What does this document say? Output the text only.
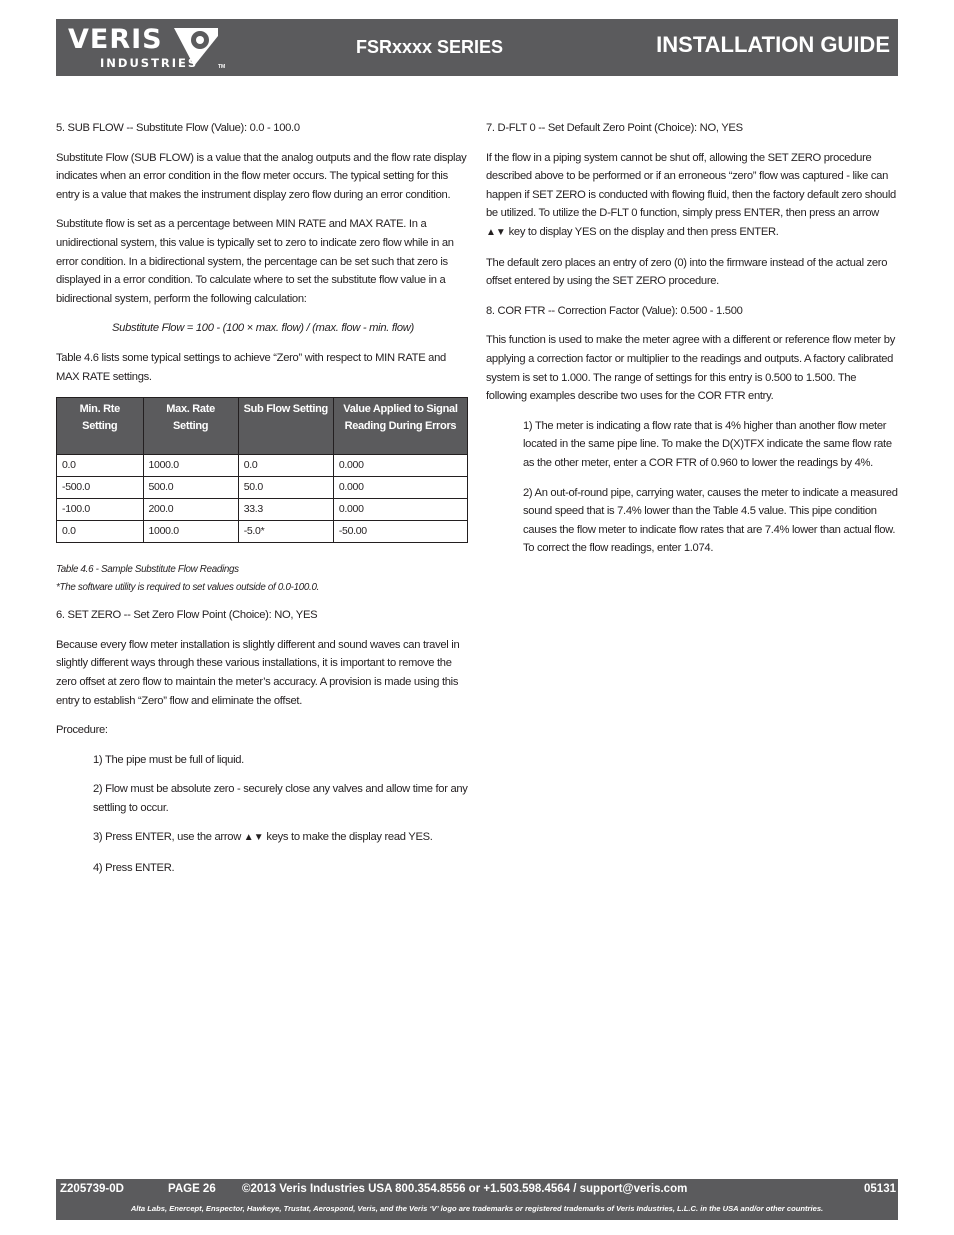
VERIS
INDUSTRIES	TM
FSRxxxx SERIES	INSTALLATION GUIDE

5. SUB FLOW -- Substitute Flow (Value): 0.0 - 100.0

Substitute Flow (SUB FLOW) is a value that the analog outputs and the flow rate display indicates when an error condition in the flow meter occurs. The typical setting for this entry is a value that makes the instrument display zero flow during an error condition.

Substitute flow is set as a percentage between MIN RATE and MAX RATE. In a unidirectional system, this value is typically set to zero to indicate zero flow while in an error condition. In a bidirectional system, the percentage can be set such that zero is displayed in a error condition. To calculate where to set the substitute flow value in a bidirectional system, perform the following calculation:

Substitute Flow = 100 - (100 × max. flow) / (max. flow - min. flow)

Table 4.6 lists some typical settings to achieve “Zero” with respect to MIN RATE and MAX RATE settings.

Min. Rte Setting	Max. Rate Setting	Sub Flow Setting	Value Applied to Signal Reading During Errors
0.0	1000.0	0.0	0.000
-500.0	500.0	50.0	0.000
-100.0	200.0	33.3	0.000
0.0	1000.0	-5.0*	-50.00
Table 4.6 - Sample Substitute Flow Readings
*The software utility is required to set values outside of 0.0-100.0.

6. SET ZERO -- Set Zero Flow Point (Choice): NO, YES

Because every flow meter installation is slightly different and sound waves can travel in slightly different ways through these various installations, it is important to remove the zero offset at zero flow to maintain the meter’s accuracy. A provision is made using this entry to establish “Zero” flow and eliminate the offset.

Procedure:

1) The pipe must be full of liquid.

2) Flow must be absolute zero - securely close any valves and allow time for any settling to occur.

3) Press ENTER, use the arrow ▲▼ keys to make the display read YES.

4) Press ENTER.

7. D-FLT 0 -- Set Default Zero Point (Choice): NO, YES

If the flow in a piping system cannot be shut off, allowing the SET ZERO procedure described above to be performed or if an erroneous “zero” flow was captured - like can happen if SET ZERO is conducted with flowing fluid, then the factory default zero should be utilized. To utilize the D-FLT 0 function, simply press ENTER, then press an arrow ▲▼ key to display YES on the display and then press ENTER.

The default zero places an entry of zero (0) into the firmware instead of the actual zero offset entered by using the SET ZERO procedure.

8. COR FTR -- Correction Factor (Value): 0.500 - 1.500

This function is used to make the meter agree with a different or reference flow meter by applying a correction factor or multiplier to the readings and outputs. A factory calibrated system is set to 1.000. The range of settings for this entry is 0.500 to 1.500. The following examples describe two uses for the COR FTR entry.

1) The meter is indicating a flow rate that is 4% higher than another flow meter located in the same pipe line. To make the D(X)TFX indicate the same flow rate as the other meter, enter a COR FTR of 0.960 to lower the readings by 4%.

2) An out-of-round pipe, carrying water, causes the meter to indicate a measured sound speed that is 7.4% lower than the Table 4.5 value. This pipe condition causes the flow meter to indicate flow rates that are 7.4% lower than actual flow. To correct the flow readings, enter 1.074.

Z205739-0D	PAGE 26 ©2013 Veris Industries USA 800.354.8556 or +1.503.598.4564 / support@veris.com	05131
Alta Labs, Enercept, Enspector, Hawkeye, Trustat, Aerospond, Veris, and the Veris ‘V’ logo are trademarks or registered trademarks of Veris Industries, L.L.C. in the USA and/or other countries.
